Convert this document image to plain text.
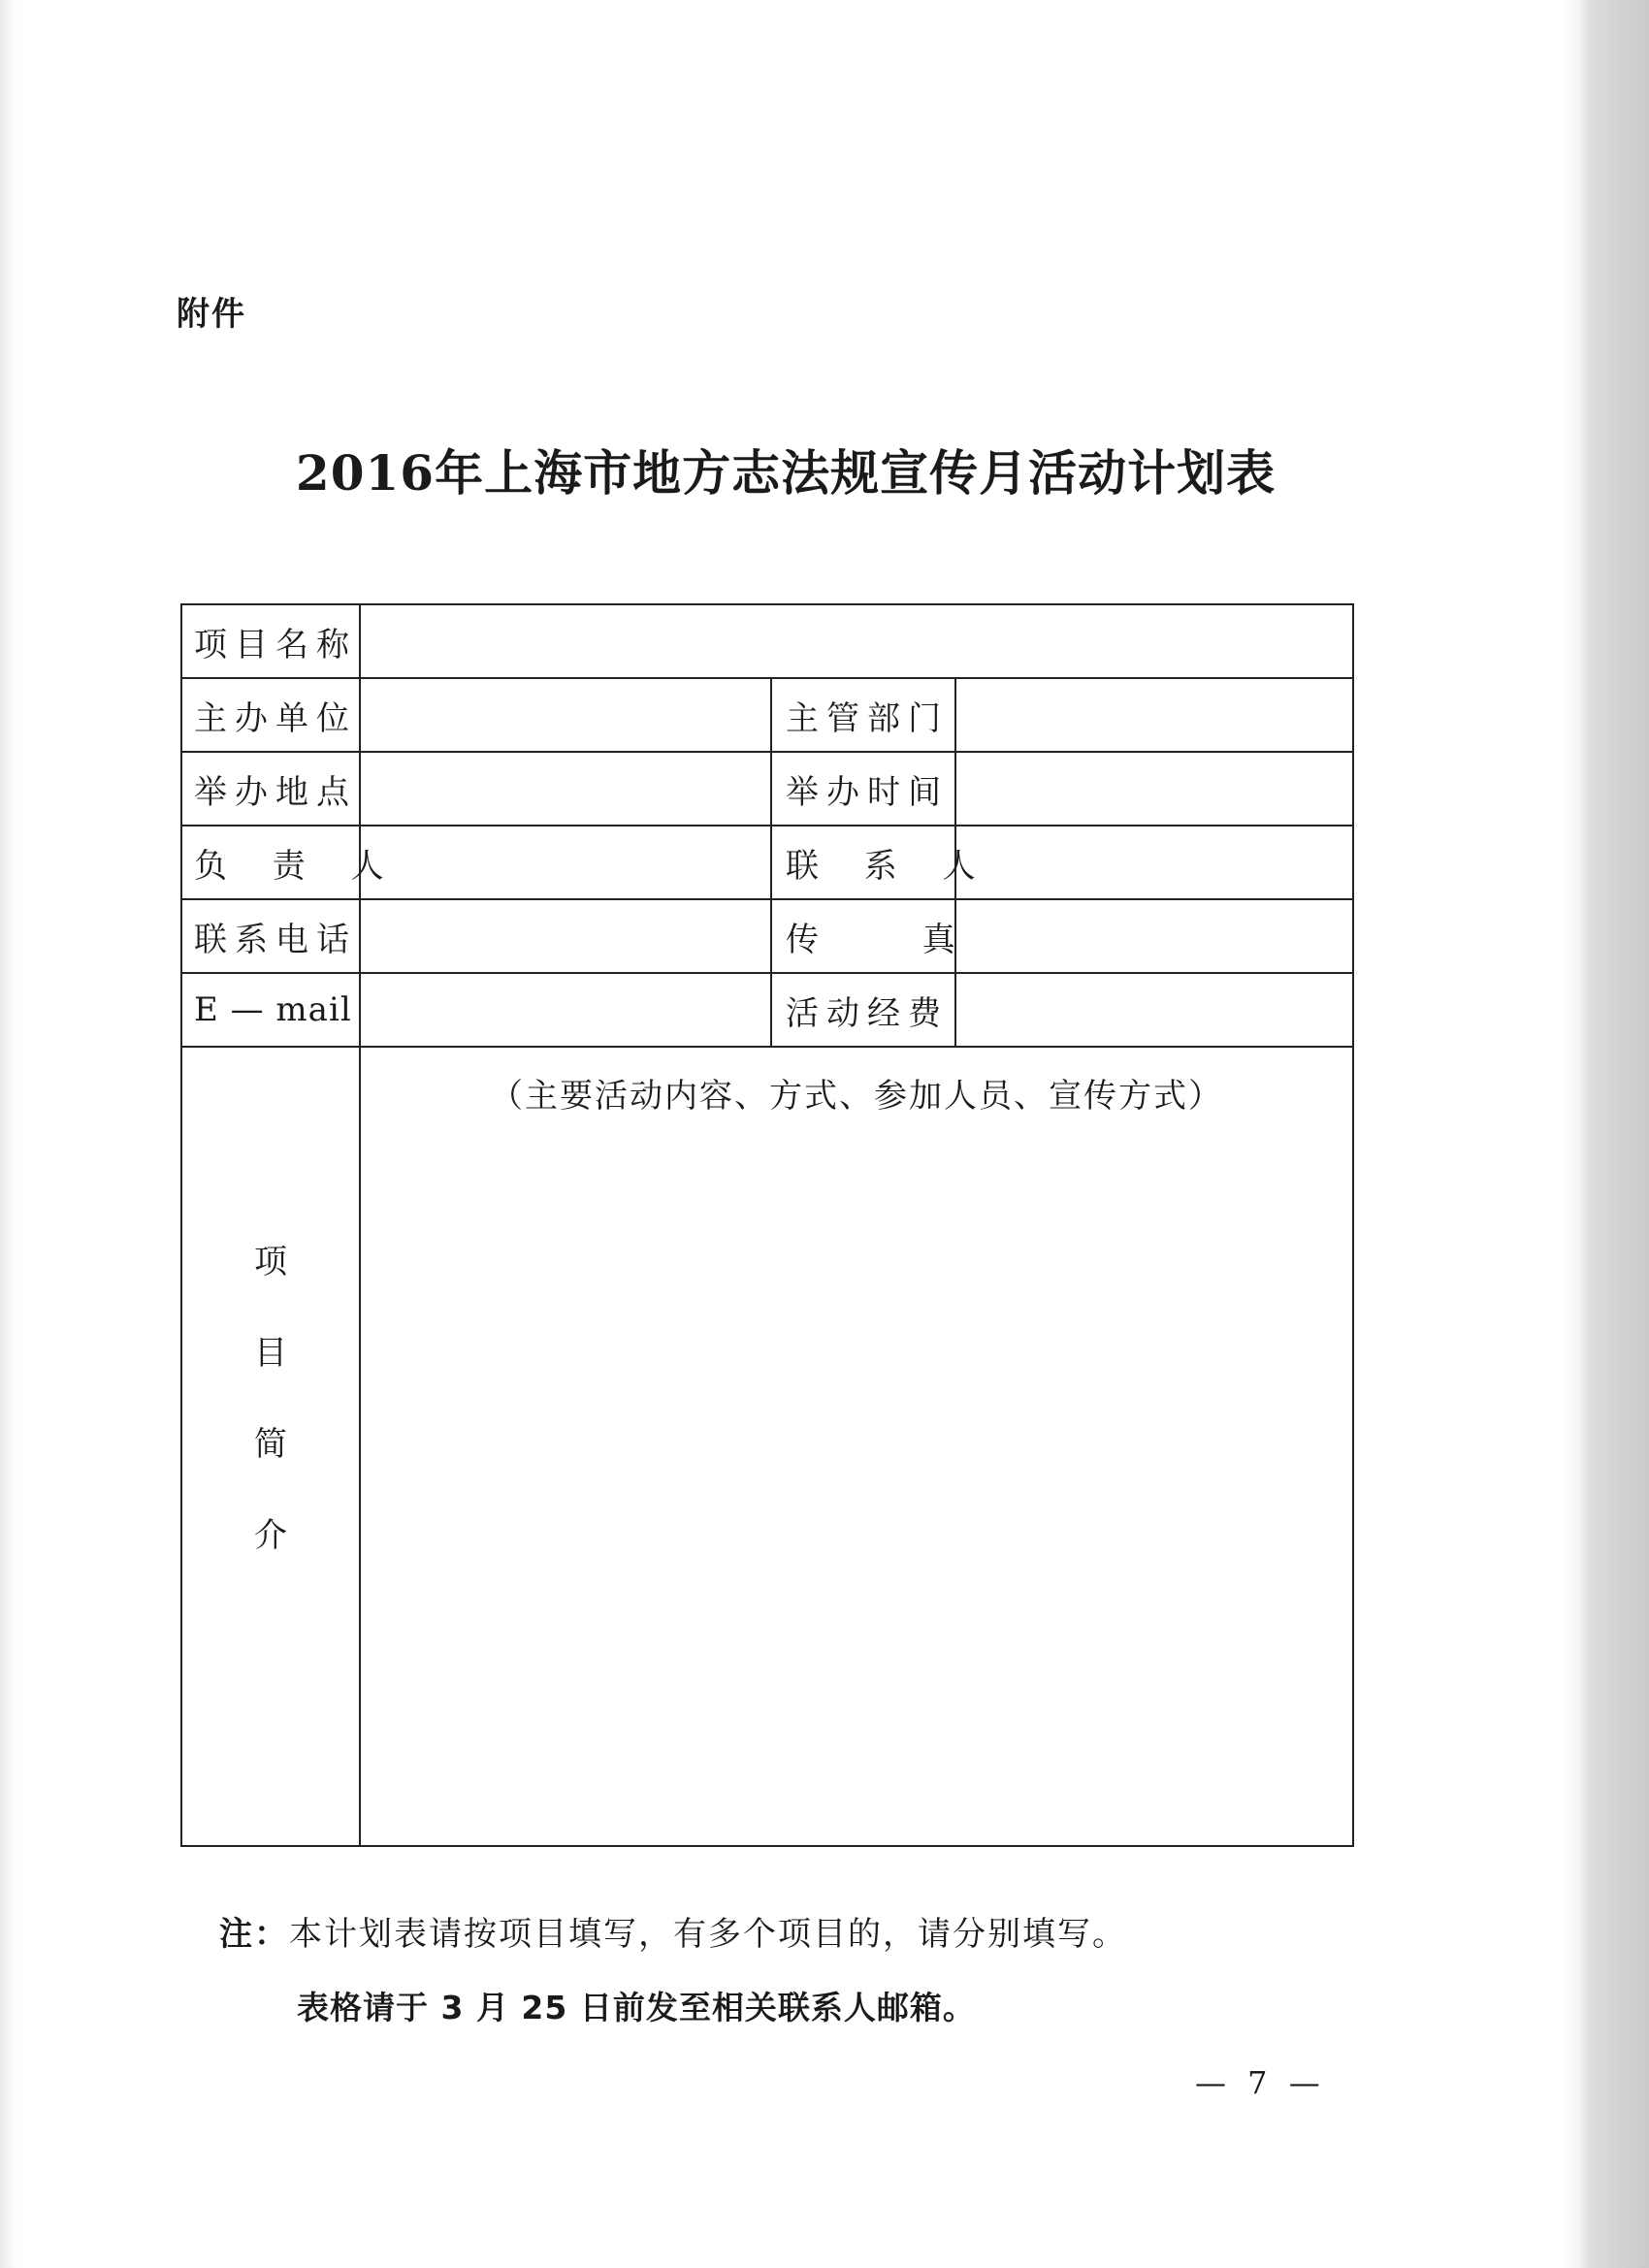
附件
2016年上海市地方志法规宣传月活动计划表
项目名称			
主办单位		主管部门	
举办地点		举办时间	
负 责 人		联 系 人	
联系电话		传 真	
E — mail		活动经费	

项
目
简
介	（主要活动内容、方式、参加人员、宣传方式）		
注：本计划表请按项目填写，有多个项目的，请分别填写。
表格请于 3 月 25 日前发至相关联系人邮箱。
— 7 —
